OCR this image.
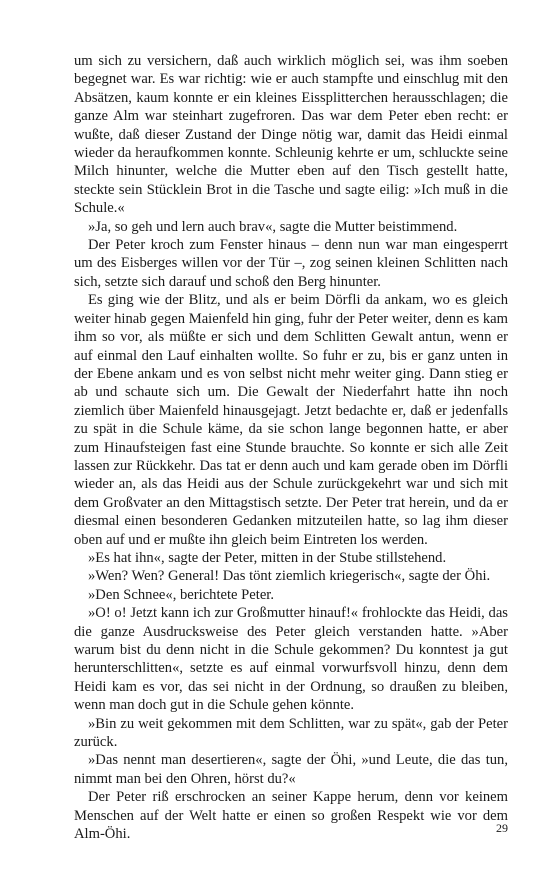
um sich zu versichern, daß auch wirklich möglich sei, was ihm soeben begegnet war. Es war richtig: wie er auch stampfte und einschlug mit den Absätzen, kaum konnte er ein kleines Eissplitterchen herausschlagen; die ganze Alm war steinhart zugefroren. Das war dem Peter eben recht: er wußte, daß dieser Zustand der Dinge nötig war, damit das Heidi einmal wieder da heraufkommen konnte. Schleunig kehrte er um, schluckte seine Milch hinunter, welche die Mutter eben auf den Tisch gestellt hatte, steckte sein Stücklein Brot in die Tasche und sagte eilig: »Ich muß in die Schule.«

»Ja, so geh und lern auch brav«, sagte die Mutter beistimmend.

Der Peter kroch zum Fenster hinaus – denn nun war man eingesperrt um des Eisberges willen vor der Tür –, zog seinen kleinen Schlitten nach sich, setzte sich darauf und schoß den Berg hinunter.

Es ging wie der Blitz, und als er beim Dörfli da ankam, wo es gleich weiter hinab gegen Maienfeld hin ging, fuhr der Peter weiter, denn es kam ihm so vor, als müßte er sich und dem Schlitten Gewalt antun, wenn er auf einmal den Lauf einhalten wollte. So fuhr er zu, bis er ganz unten in der Ebene ankam und es von selbst nicht mehr weiter ging. Dann stieg er ab und schaute sich um. Die Gewalt der Niederfahrt hatte ihn noch ziemlich über Maienfeld hinausgejagt. Jetzt bedachte er, daß er jedenfalls zu spät in die Schule käme, da sie schon lange begonnen hatte, er aber zum Hinaufsteigen fast eine Stunde brauchte. So konnte er sich alle Zeit lassen zur Rückkehr. Das tat er denn auch und kam gerade oben im Dörfli wieder an, als das Heidi aus der Schule zurückgekehrt war und sich mit dem Großvater an den Mittagstisch setzte. Der Peter trat herein, und da er diesmal einen besonderen Gedanken mitzuteilen hatte, so lag ihm dieser oben auf und er mußte ihn gleich beim Eintreten los werden.

»Es hat ihn«, sagte der Peter, mitten in der Stube stillstehend.

»Wen? Wen? General! Das tönt ziemlich kriegerisch«, sagte der Öhi.

»Den Schnee«, berichtete Peter.

»O! o! Jetzt kann ich zur Großmutter hinauf!« frohlockte das Heidi, das die ganze Ausdrucksweise des Peter gleich verstanden hatte. »Aber warum bist du denn nicht in die Schule gekommen? Du konntest ja gut herunterschlitten«, setzte es auf einmal vorwurfsvoll hinzu, denn dem Heidi kam es vor, das sei nicht in der Ordnung, so draußen zu bleiben, wenn man doch gut in die Schule gehen könnte.

»Bin zu weit gekommen mit dem Schlitten, war zu spät«, gab der Peter zurück.

»Das nennt man desertieren«, sagte der Öhi, »und Leute, die das tun, nimmt man bei den Ohren, hörst du?«

Der Peter riß erschrocken an seiner Kappe herum, denn vor keinem Menschen auf der Welt hatte er einen so großen Respekt wie vor dem Alm-Öhi.	29
